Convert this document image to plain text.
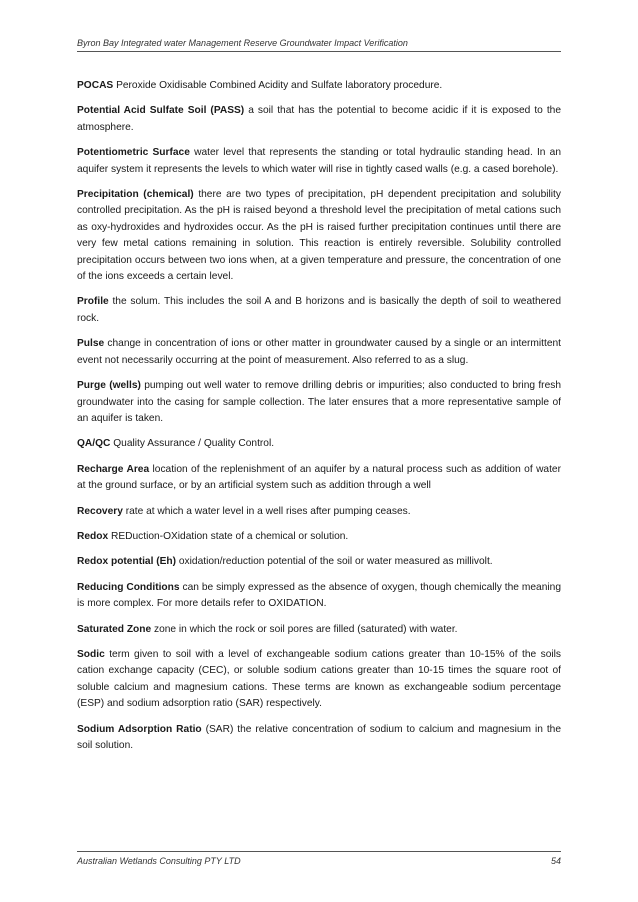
Byron Bay Integrated water Management Reserve Groundwater Impact Verification

POCAS Peroxide Oxidisable Combined Acidity and Sulfate laboratory procedure.

Potential Acid Sulfate Soil (PASS) a soil that has the potential to become acidic if it is exposed to the atmosphere.

Potentiometric Surface water level that represents the standing or total hydraulic standing head. In an aquifer system it represents the levels to which water will rise in tightly cased walls (e.g. a cased borehole).

Precipitation (chemical) there are two types of precipitation, pH dependent precipitation and solubility controlled precipitation. As the pH is raised beyond a threshold level the precipitation of metal cations such as oxy-hydroxides and hydroxides occur. As the pH is raised further precipitation continues until there are very few metal cations remaining in solution. This reaction is entirely reversible. Solubility controlled precipitation occurs between two ions when, at a given temperature and pressure, the concentration of one of the ions exceeds a certain level.

Profile the solum. This includes the soil A and B horizons and is basically the depth of soil to weathered rock.

Pulse change in concentration of ions or other matter in groundwater caused by a single or an intermittent event not necessarily occurring at the point of measurement. Also referred to as a slug.

Purge (wells) pumping out well water to remove drilling debris or impurities; also conducted to bring fresh groundwater into the casing for sample collection. The later ensures that a more representative sample of an aquifer is taken.

QA/QC Quality Assurance / Quality Control.

Recharge Area location of the replenishment of an aquifer by a natural process such as addition of water at the ground surface, or by an artificial system such as addition through a well

Recovery rate at which a water level in a well rises after pumping ceases.

Redox REDuction-OXidation state of a chemical or solution.

Redox potential (Eh) oxidation/reduction potential of the soil or water measured as millivolt.

Reducing Conditions can be simply expressed as the absence of oxygen, though chemically the meaning is more complex. For more details refer to OXIDATION.

Saturated Zone zone in which the rock or soil pores are filled (saturated) with water.

Sodic term given to soil with a level of exchangeable sodium cations greater than 10-15% of the soils cation exchange capacity (CEC), or soluble sodium cations greater than 10-15 times the square root of soluble calcium and magnesium cations. These terms are known as exchangeable sodium percentage (ESP) and sodium adsorption ratio (SAR) respectively.

Sodium Adsorption Ratio (SAR) the relative concentration of sodium to calcium and magnesium in the soil solution.

Australian Wetlands Consulting PTY LTD	54
